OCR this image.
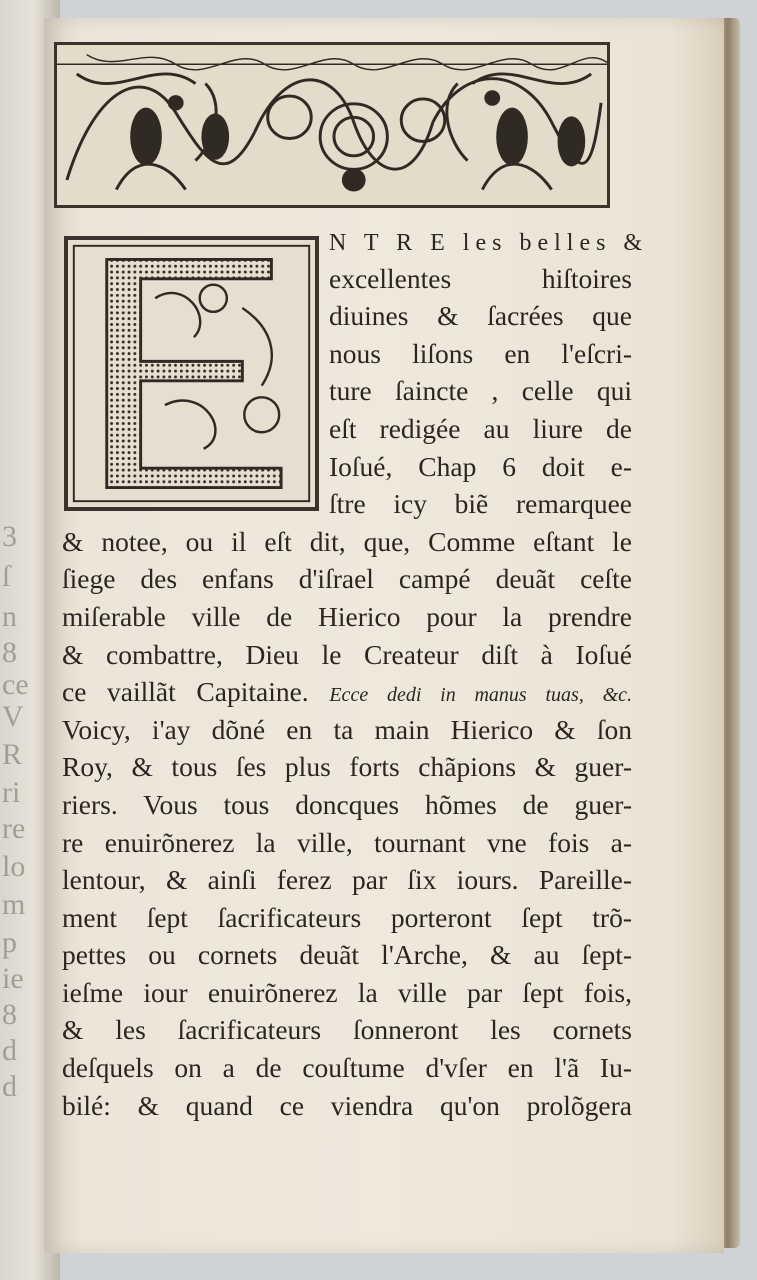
3
ſ
n
8
ce
V
R
ri
re
lo
m
p
ie
8
d
d
N T R E les belles &
excellentes hiſtoires
diuines & ſacrées que
nous liſons en l'eſcri-
ture ſaincte , celle qui
eſt redigée au liure de
Ioſué, Chap 6 doit e-
ſtre icy biẽ remarquee
& notee, ou il eſt dit, que, Comme eſtant le
ſiege des enfans d'iſrael campé deuãt ceſte
miſerable ville de Hierico pour la prendre
& combattre, Dieu le Createur diſt à Ioſué
ce vaillãt Capitaine. Ecce dedi in manus tuas, &c.
Voicy, i'ay dõné en ta main Hierico & ſon
Roy, & tous ſes plus forts chãpions & guer-
riers. Vous tous doncques hõmes de guer-
re enuirõnerez la ville, tournant vne fois a-
lentour, & ainſi ferez par ſix iours. Pareille-
ment ſept ſacrificateurs porteront ſept trõ-
pettes ou cornets deuãt l'Arche, & au ſept-
ieſme iour enuirõnerez la ville par ſept fois,
& les ſacrificateurs ſonneront les cornets
deſquels on a de couſtume d'vſer en l'ã Iu-
bilé: & quand ce viendra qu'on prolõgera
